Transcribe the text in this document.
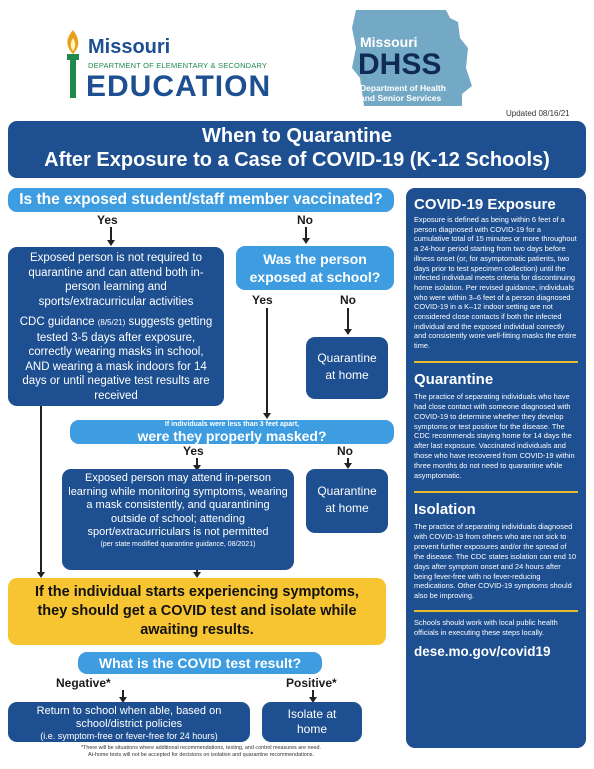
Missouri
DEPARTMENT OF ELEMENTARY & SECONDARY
EDUCATION
Missouri
DHSS
Department of Health and Senior Services
Updated 08/16/21
When to Quarantine
After Exposure to a Case of COVID-19 (K-12 Schools)
Is the exposed student/staff member vaccinated?
Yes	No
Exposed person is not required to quarantine and can attend both in-person learning and sports/extracurricular activities
CDC guidance (8/5/21) suggests getting tested 3-5 days after exposure, correctly wearing masks in school, AND wearing a mask indoors for 14 days or until negative test results are received
Was the person exposed at school?
Yes	No
Quarantine at home
If individuals were less than 3 feet apart,
were they properly masked?
Yes	No
Exposed person may attend in-person learning while monitoring symptoms, wearing a mask consistently, and quarantining outside of school; attending sport/extracurriculars is not permitted
(per state modified quarantine guidance, 08/2021)
Quarantine at home
If the individual starts experiencing symptoms, they should get a COVID test and isolate while awaiting results.
What is the COVID test result?
Negative*	Positive*
Return to school when able, based on school/district policies
(i.e. symptom-free or fever-free for 24 hours)
Isolate at home
*There will be situations where additional recommendations, testing, and control measures are need.
At-home tests will not be accepted for decisions on isolation and quarantine recommendations.
COVID-19 Exposure
Exposure is defined as being within 6 feet of a person diagnosed with COVID-19 for a cumulative total of 15 minutes or more throughout a 24-hour period starting from two days before illness onset (or, for asymptomatic patients, two days prior to test specimen collection) until the infected individual meets criteria for discontinuing home isolation. Per revised guidance, individuals who were within 3–6 feet of a person diagnosed COVID-19 in a K–12 indoor setting are not considered close contacts if both the infected individual and the exposed individual correctly and consistently wore well-fitting masks the entire time.
Quarantine
The practice of separating individuals who have had close contact with someone diagnosed with COVID-19 to determine whether they develop symptoms or test positive for the disease. The CDC recommends staying home for 14 days the after last exposure. Vaccinated individuals and those who have recovered from COVID-19 within three months do not need to quarantine while asymptomatic.
Isolation
The practice of separating individuals diagnosed with COVID-19 from others who are not sick to prevent further exposures and/or the spread of the disease. The CDC states isolation can end 10 days after symptom onset and 24 hours after being fever-free with no fever-reducing medications. Other COVID-19 symptoms should also be improving.
Schools should work with local public health officials in executing these steps locally.
dese.mo.gov/covid19
